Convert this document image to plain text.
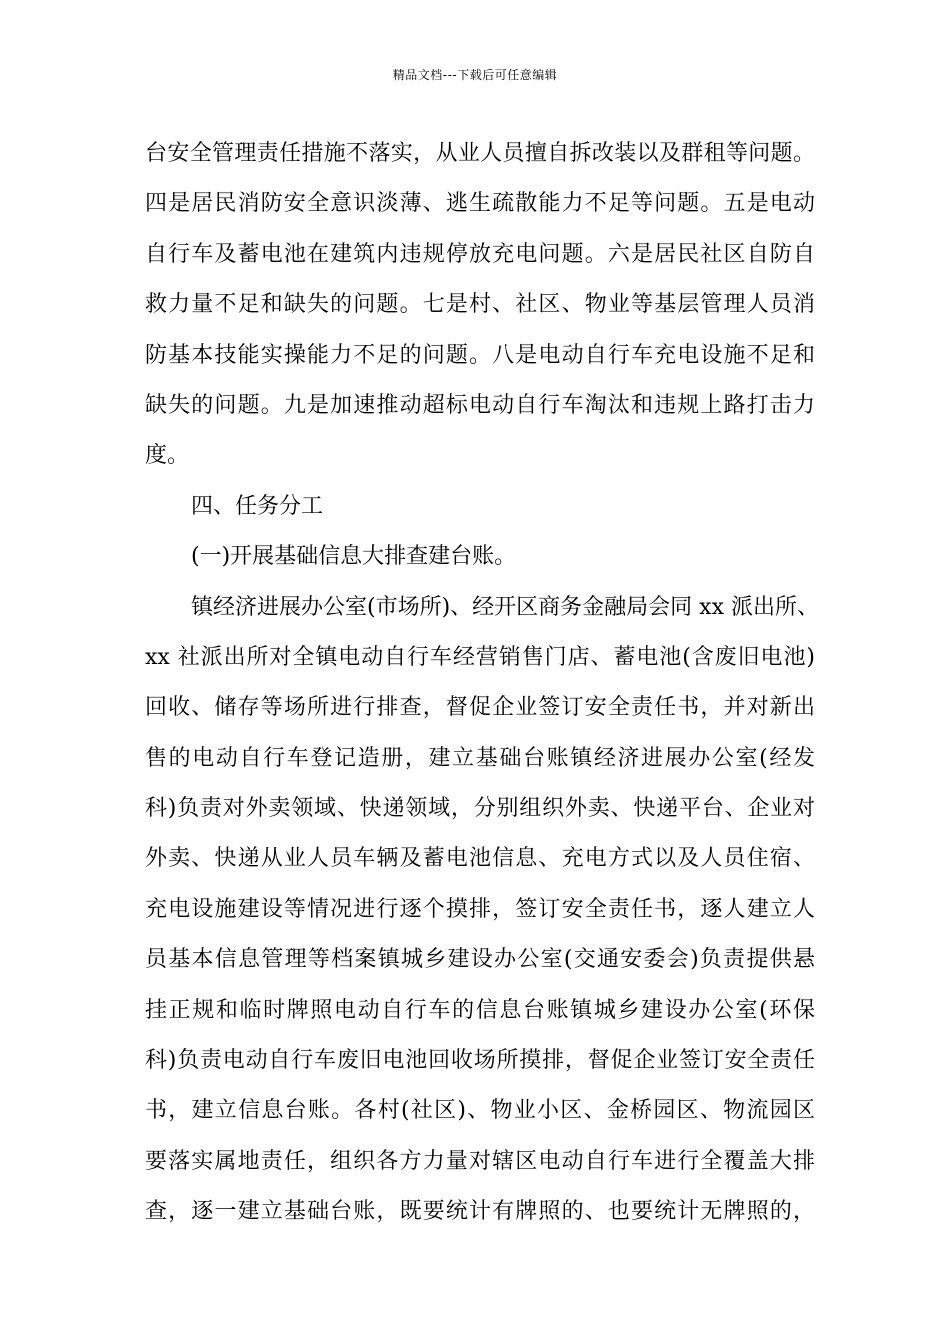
精品文档---下载后可任意编辑
台安全管理责任措施不落实，从业人员擅自拆改装以及群租等问题。
四是居民消防安全意识淡薄、逃生疏散能力不足等问题。五是电动
自行车及蓄电池在建筑内违规停放充电问题。六是居民社区自防自
救力量不足和缺失的问题。七是村、社区、物业等基层管理人员消
防基本技能实操能力不足的问题。八是电动自行车充电设施不足和
缺失的问题。九是加速推动超标电动自行车淘汰和违规上路打击力
度。
四、任务分工
(一)开展基础信息大排查建台账。
镇经济进展办公室(市场所)、经开区商务金融局会同 xx 派出所、
xx 社派出所对全镇电动自行车经营销售门店、蓄电池(含废旧电池)
回收、储存等场所进行排查，督促企业签订安全责任书，并对新出
售的电动自行车登记造册，建立基础台账镇经济进展办公室(经发
科)负责对外卖领域、快递领域，分别组织外卖、快递平台、企业对
外卖、快递从业人员车辆及蓄电池信息、充电方式以及人员住宿、
充电设施建设等情况进行逐个摸排，签订安全责任书，逐人建立人
员基本信息管理等档案镇城乡建设办公室(交通安委会)负责提供悬
挂正规和临时牌照电动自行车的信息台账镇城乡建设办公室(环保
科)负责电动自行车废旧电池回收场所摸排，督促企业签订安全责任
书，建立信息台账。各村(社区)、物业小区、金桥园区、物流园区
要落实属地责任，组织各方力量对辖区电动自行车进行全覆盖大排
查，逐一建立基础台账，既要统计有牌照的、也要统计无牌照的，
